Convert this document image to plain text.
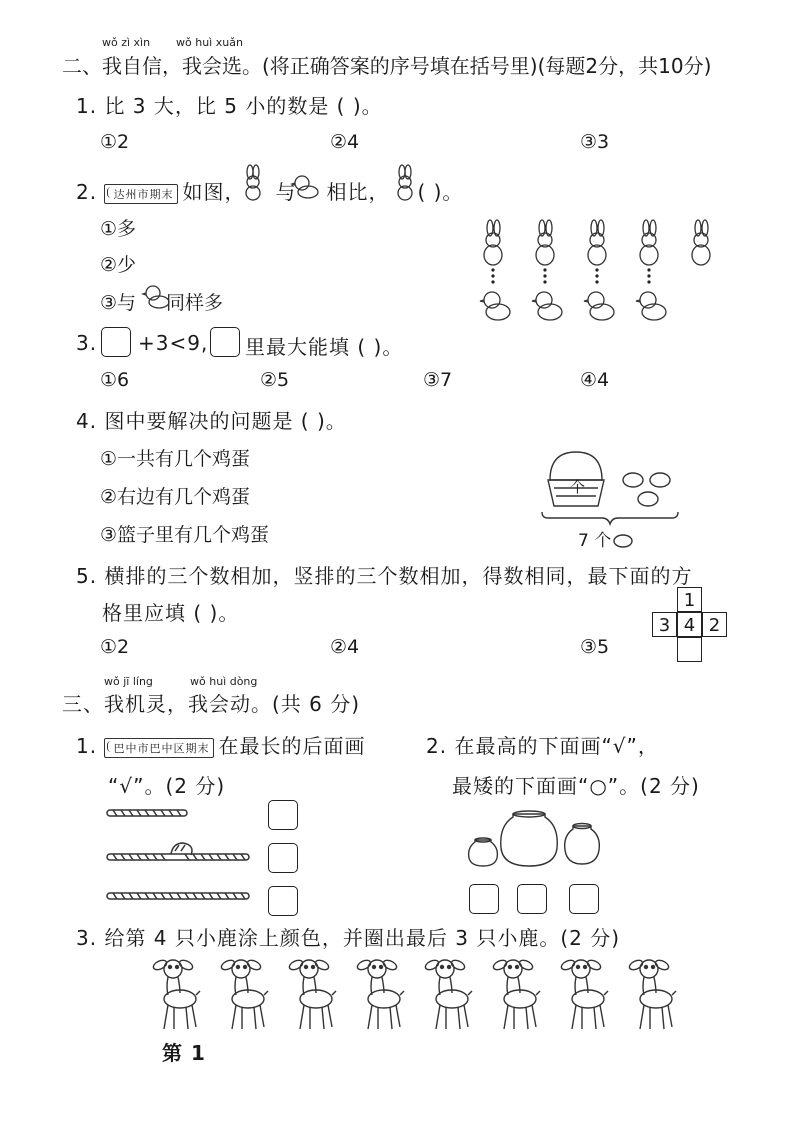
wǒ zì xìn wǒ huì xuǎn
二、我自信，我会选。(将正确答案的序号填在括号里)(每题2分，共10分)
1. 比 3 大，比 5 小的数是 ( )。
①2	②4	③3
2. 达州市期末 如图， 与 相比， ( )。
①多
②少
③与 同样多
3. +3<9, 里最大能填 ( )。
①6	②5	③7	④4
4. 图中要解决的问题是 ( )。
①一共有几个鸡蛋
②右边有几个鸡蛋
③篮子里有几个鸡蛋
个
7 个
5. 横排的三个数相加，竖排的三个数相加，得数相同，最下面的方
格里应填 ( )。
①2	②4	③5
1
3 4 2
wǒ jī líng	wǒ huì dòng
三、我机灵，我会动。(共 6 分)
1. 巴中市巴中区期末 在最长的后面画
“√”。(2 分)
2. 在最高的下面画“√”，
最矮的下面画“○”。(2 分)
3. 给第 4 只小鹿涂上颜色，并圈出最后 3 只小鹿。(2 分)
第 1
